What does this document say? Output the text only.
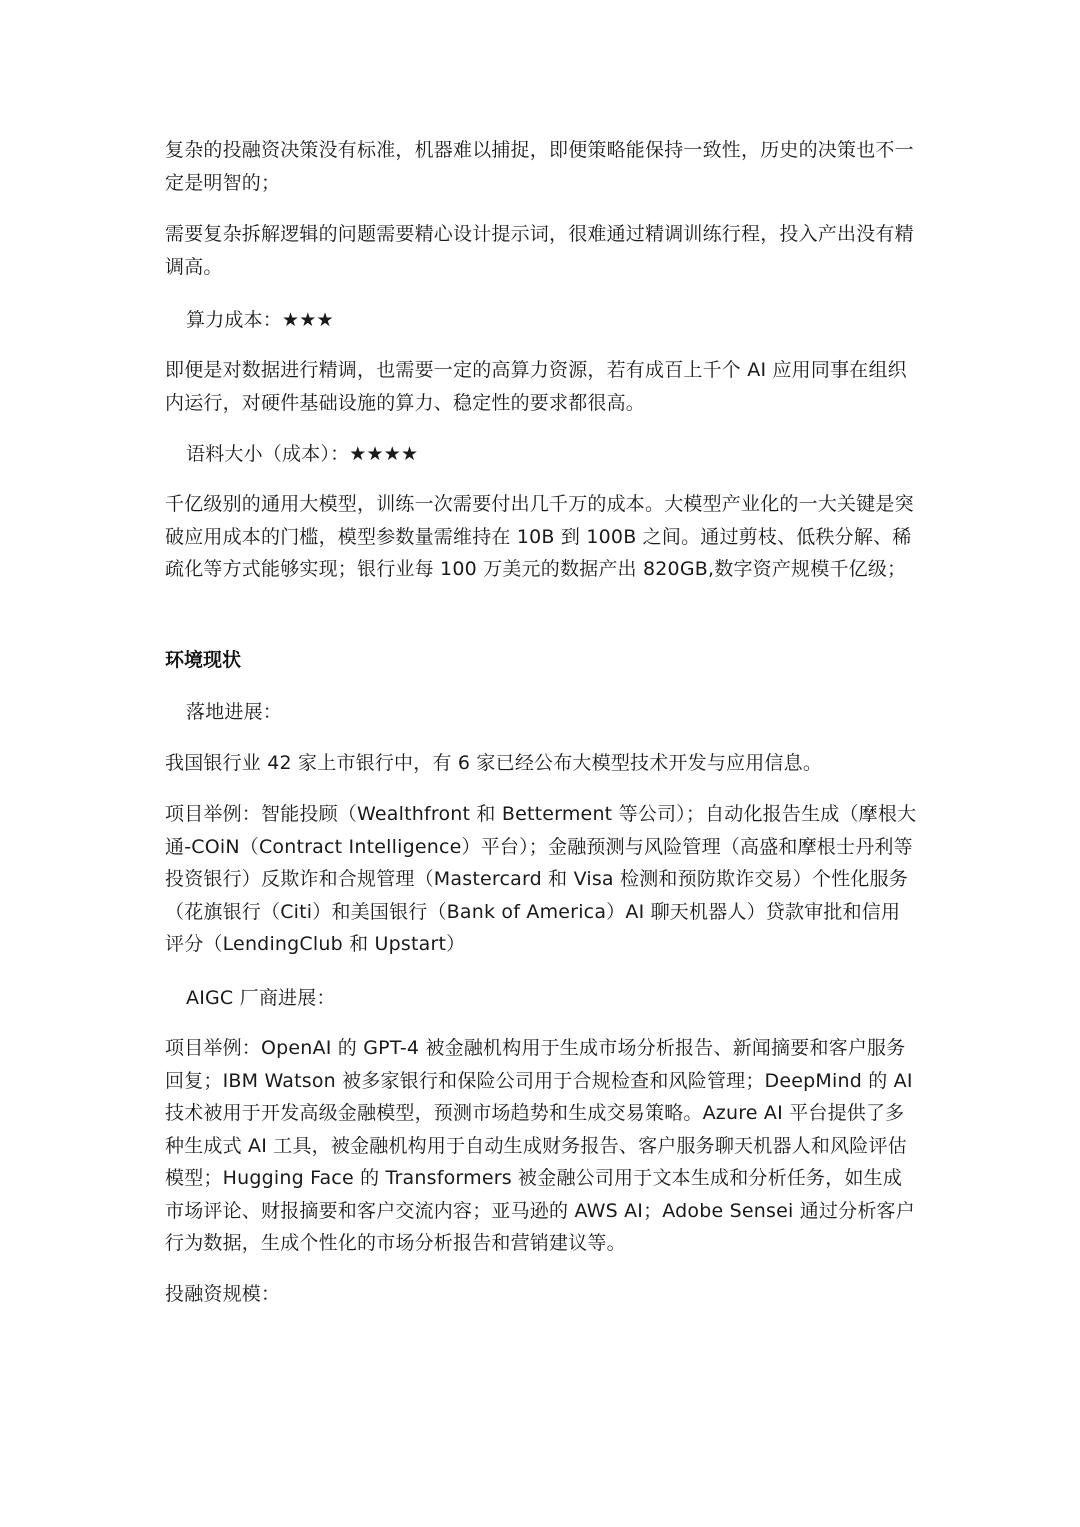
复杂的投融资决策没有标准，机器难以捕捉，即便策略能保持一致性，历史的决策也不一定是明智的；

需要复杂拆解逻辑的问题需要精心设计提示词，很难通过精调训练行程，投入产出没有精调高。

算力成本：★★★

即便是对数据进行精调，也需要一定的高算力资源，若有成百上千个 AI 应用同事在组织内运行，对硬件基础设施的算力、稳定性的要求都很高。

语料大小（成本）：★★★★

千亿级别的通用大模型，训练一次需要付出几千万的成本。大模型产业化的一大关键是突破应用成本的门槛，模型参数量需维持在 10B 到 100B 之间。通过剪枝、低秩分解、稀疏化等方式能够实现；银行业每 100 万美元的数据产出 820GB,数字资产规模千亿级；

环境现状

落地进展：

我国银行业 42 家上市银行中，有 6 家已经公布大模型技术开发与应用信息。

项目举例：智能投顾（Wealthfront 和 Betterment 等公司）；自动化报告生成（摩根大通-COiN（Contract Intelligence）平台）；金融预测与风险管理（高盛和摩根士丹利等投资银行）反欺诈和合规管理（Mastercard 和 Visa 检测和预防欺诈交易）个性化服务（花旗银行（Citi）和美国银行（Bank of America）AI 聊天机器人）贷款审批和信用评分（LendingClub 和 Upstart）

AIGC 厂商进展：

项目举例：OpenAI 的 GPT-4 被金融机构用于生成市场分析报告、新闻摘要和客户服务回复；IBM Watson 被多家银行和保险公司用于合规检查和风险管理；DeepMind 的 AI 技术被用于开发高级金融模型，预测市场趋势和生成交易策略。Azure AI 平台提供了多种生成式 AI 工具，被金融机构用于自动生成财务报告、客户服务聊天机器人和风险评估模型；Hugging Face 的 Transformers 被金融公司用于文本生成和分析任务，如生成市场评论、财报摘要和客户交流内容；亚马逊的 AWS AI；Adobe Sensei 通过分析客户行为数据，生成个性化的市场分析报告和营销建议等。

投融资规模：
